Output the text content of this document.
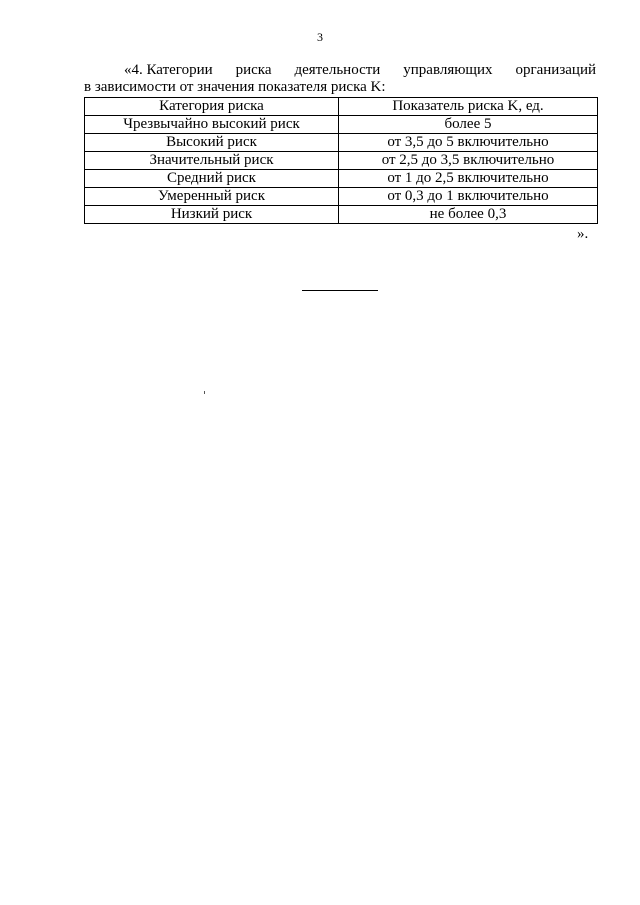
3
«4. Категории риска деятельности управляющих организаций
в зависимости от значения показателя риска K:
Категория риска	Показатель риска K, ед.
Чрезвычайно высокий риск	более 5
Высокий риск	от 3,5 до 5 включительно
Значительный риск	от 2,5 до 3,5 включительно
Средний риск	от 1 до 2,5 включительно
Умеренный риск	от 0,3 до 1 включительно
Низкий риск	не более 0,3
».
